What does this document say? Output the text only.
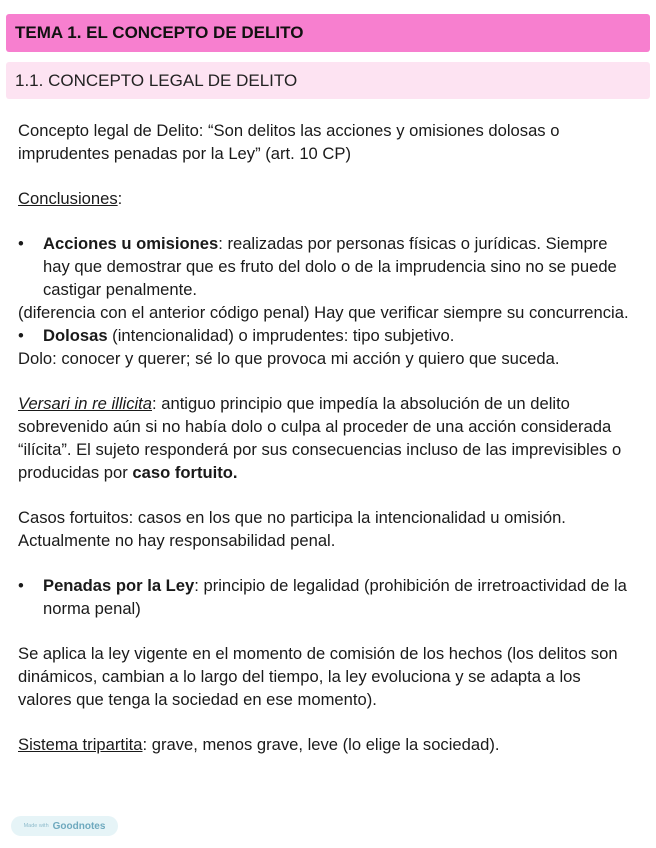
TEMA 1. EL CONCEPTO DE DELITO
1.1. CONCEPTO LEGAL DE DELITO

Concepto legal de Delito: “Son delitos las acciones y omisiones dolosas o imprudentes penadas por la Ley” (art. 10 CP)

Conclusiones:

• Acciones u omisiones: realizadas por personas físicas o jurídicas. Siempre hay que demostrar que es fruto del dolo o de la imprudencia sino no se puede castigar penalmente.

(diferencia con el anterior código penal) Hay que verificar siempre su concurrencia.

• Dolosas (intencionalidad) o imprudentes: tipo subjetivo.

Dolo: conocer y querer; sé lo que provoca mi acción y quiero que suceda.

Versari in re illicita: antiguo principio que impedía la absolución de un delito sobrevenido aún si no había dolo o culpa al proceder de una acción considerada “ilícita”. El sujeto responderá por sus consecuencias incluso de las imprevisibles o producidas por caso fortuito.

Casos fortuitos: casos en los que no participa la intencionalidad u omisión. Actualmente no hay responsabilidad penal.

• Penadas por la Ley: principio de legalidad (prohibición de irretroactividad de la norma penal)

Se aplica la ley vigente en el momento de comisión de los hechos (los delitos son dinámicos, cambian a lo largo del tiempo, la ley evoluciona y se adapta a los valores que tenga la sociedad en ese momento).

Sistema tripartita: grave, menos grave, leve (lo elige la sociedad).

Made with Goodnotes
